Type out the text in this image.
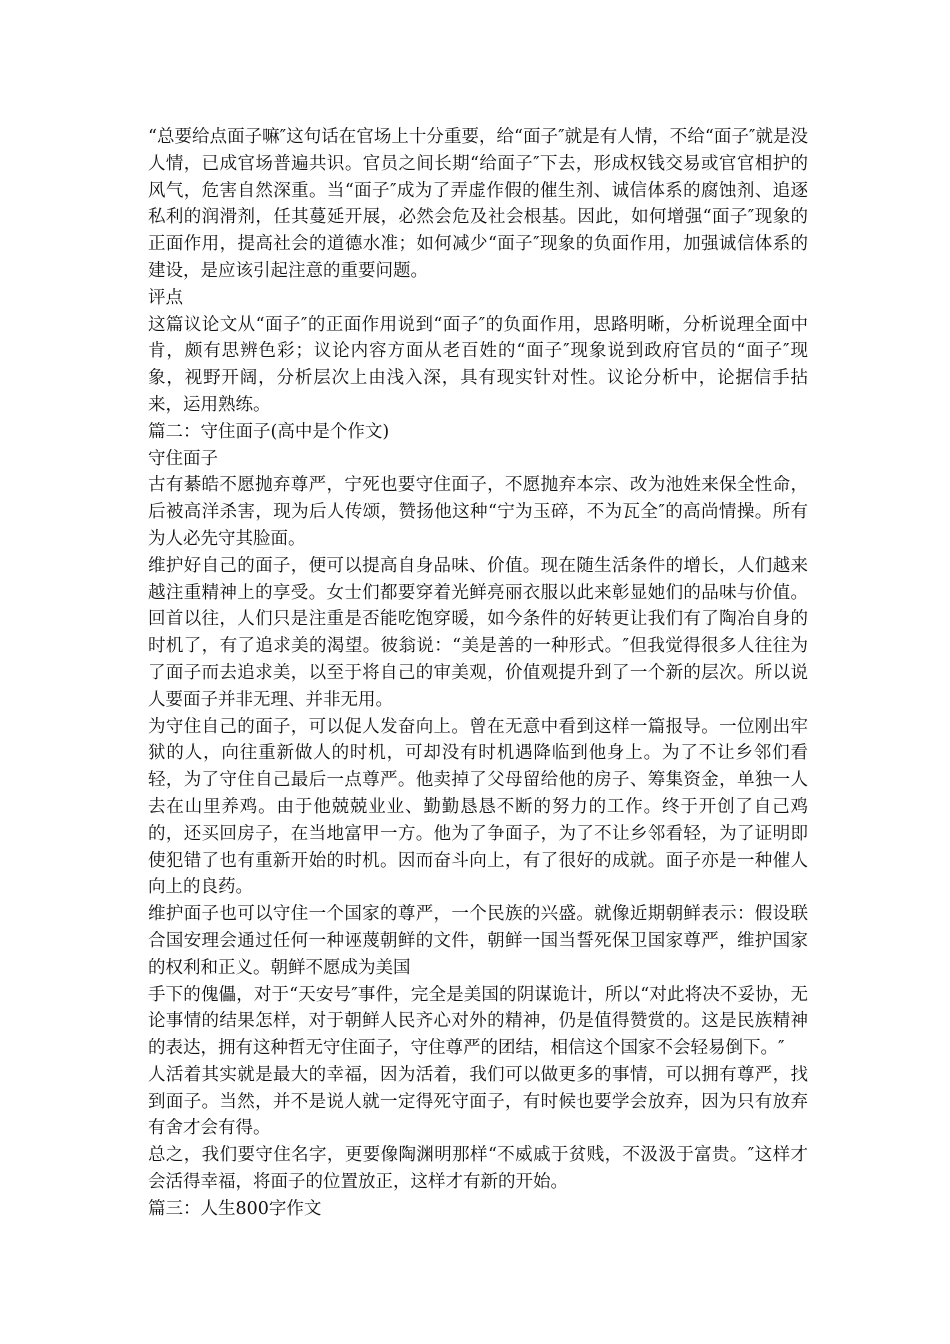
“总要给点面子嘛″这句话在官场上十分重要，给“面子″就是有人情，不给“面子″就是没人情，已成官场普遍共识。官员之间长期“给面子″下去，形成权钱交易或官官相护的风气，危害自然深重。当“面子″成为了弄虚作假的催生剂、诚信体系的腐蚀剂、追逐私利的润滑剂，任其蔓延开展，必然会危及社会根基。因此，如何增强“面子″现象的正面作用，提高社会的道德水准；如何减少“面子″现象的负面作用，加强诚信体系的建设，是应该引起注意的重要问题。

评点

这篇议论文从“面子″的正面作用说到“面子″的负面作用，思路明晰，分析说理全面中肯，颇有思辨色彩；议论内容方面从老百姓的“面子″现象说到政府官员的“面子″现象，视野开阔，分析层次上由浅入深，具有现实针对性。议论分析中，论据信手拈来，运用熟练。

篇二：守住面子(高中是个作文)

守住面子

古有綦皓不愿抛弃尊严，宁死也要守住面子，不愿抛弃本宗、改为池姓来保全性命，后被高洋杀害，现为后人传颂，赞扬他这种“宁为玉碎，不为瓦全″的高尚情操。所有为人必先守其脸面。

维护好自己的面子，便可以提高自身品味、价值。现在随生活条件的增长，人们越来越注重精神上的享受。女士们都要穿着光鲜亮丽衣服以此来彰显她们的品味与价值。回首以往，人们只是注重是否能吃饱穿暖，如今条件的好转更让我们有了陶冶自身的时机了，有了追求美的渴望。彼翁说：“美是善的一种形式。″但我觉得很多人往往为了面子而去追求美，以至于将自己的审美观，价值观提升到了一个新的层次。所以说人要面子并非无理、并非无用。

为守住自己的面子，可以促人发奋向上。曾在无意中看到这样一篇报导。一位刚出牢狱的人，向往重新做人的时机，可却没有时机遇降临到他身上。为了不让乡邻们看轻，为了守住自己最后一点尊严。他卖掉了父母留给他的房子、筹集资金，单独一人去在山里养鸡。由于他兢兢业业、勤勤恳恳不断的努力的工作。终于开创了自己鸡的，还买回房子，在当地富甲一方。他为了争面子，为了不让乡邻看轻，为了证明即使犯错了也有重新开始的时机。因而奋斗向上，有了很好的成就。面子亦是一种催人向上的良药。

维护面子也可以守住一个国家的尊严，一个民族的兴盛。就像近期朝鲜表示：假设联合国安理会通过任何一种诬蔑朝鲜的文件，朝鲜一国当誓死保卫国家尊严，维护国家的权利和正义。朝鲜不愿成为美国

手下的傀儡，对于“天安号″事件，完全是美国的阴谋诡计，所以“对此将决不妥协，无论事情的结果怎样，对于朝鲜人民齐心对外的精神，仍是值得赞赏的。这是民族精神的表达，拥有这种哲无守住面子，守住尊严的团结，相信这个国家不会轻易倒下。″

人活着其实就是最大的幸福，因为活着，我们可以做更多的事情，可以拥有尊严，找到面子。当然，并不是说人就一定得死守面子，有时候也要学会放弃，因为只有放弃有舍才会有得。

总之，我们要守住名字，更要像陶渊明那样“不威戚于贫贱，不汲汲于富贵。″这样才会活得幸福，将面子的位置放正，这样才有新的开始。

篇三：人生800字作文
